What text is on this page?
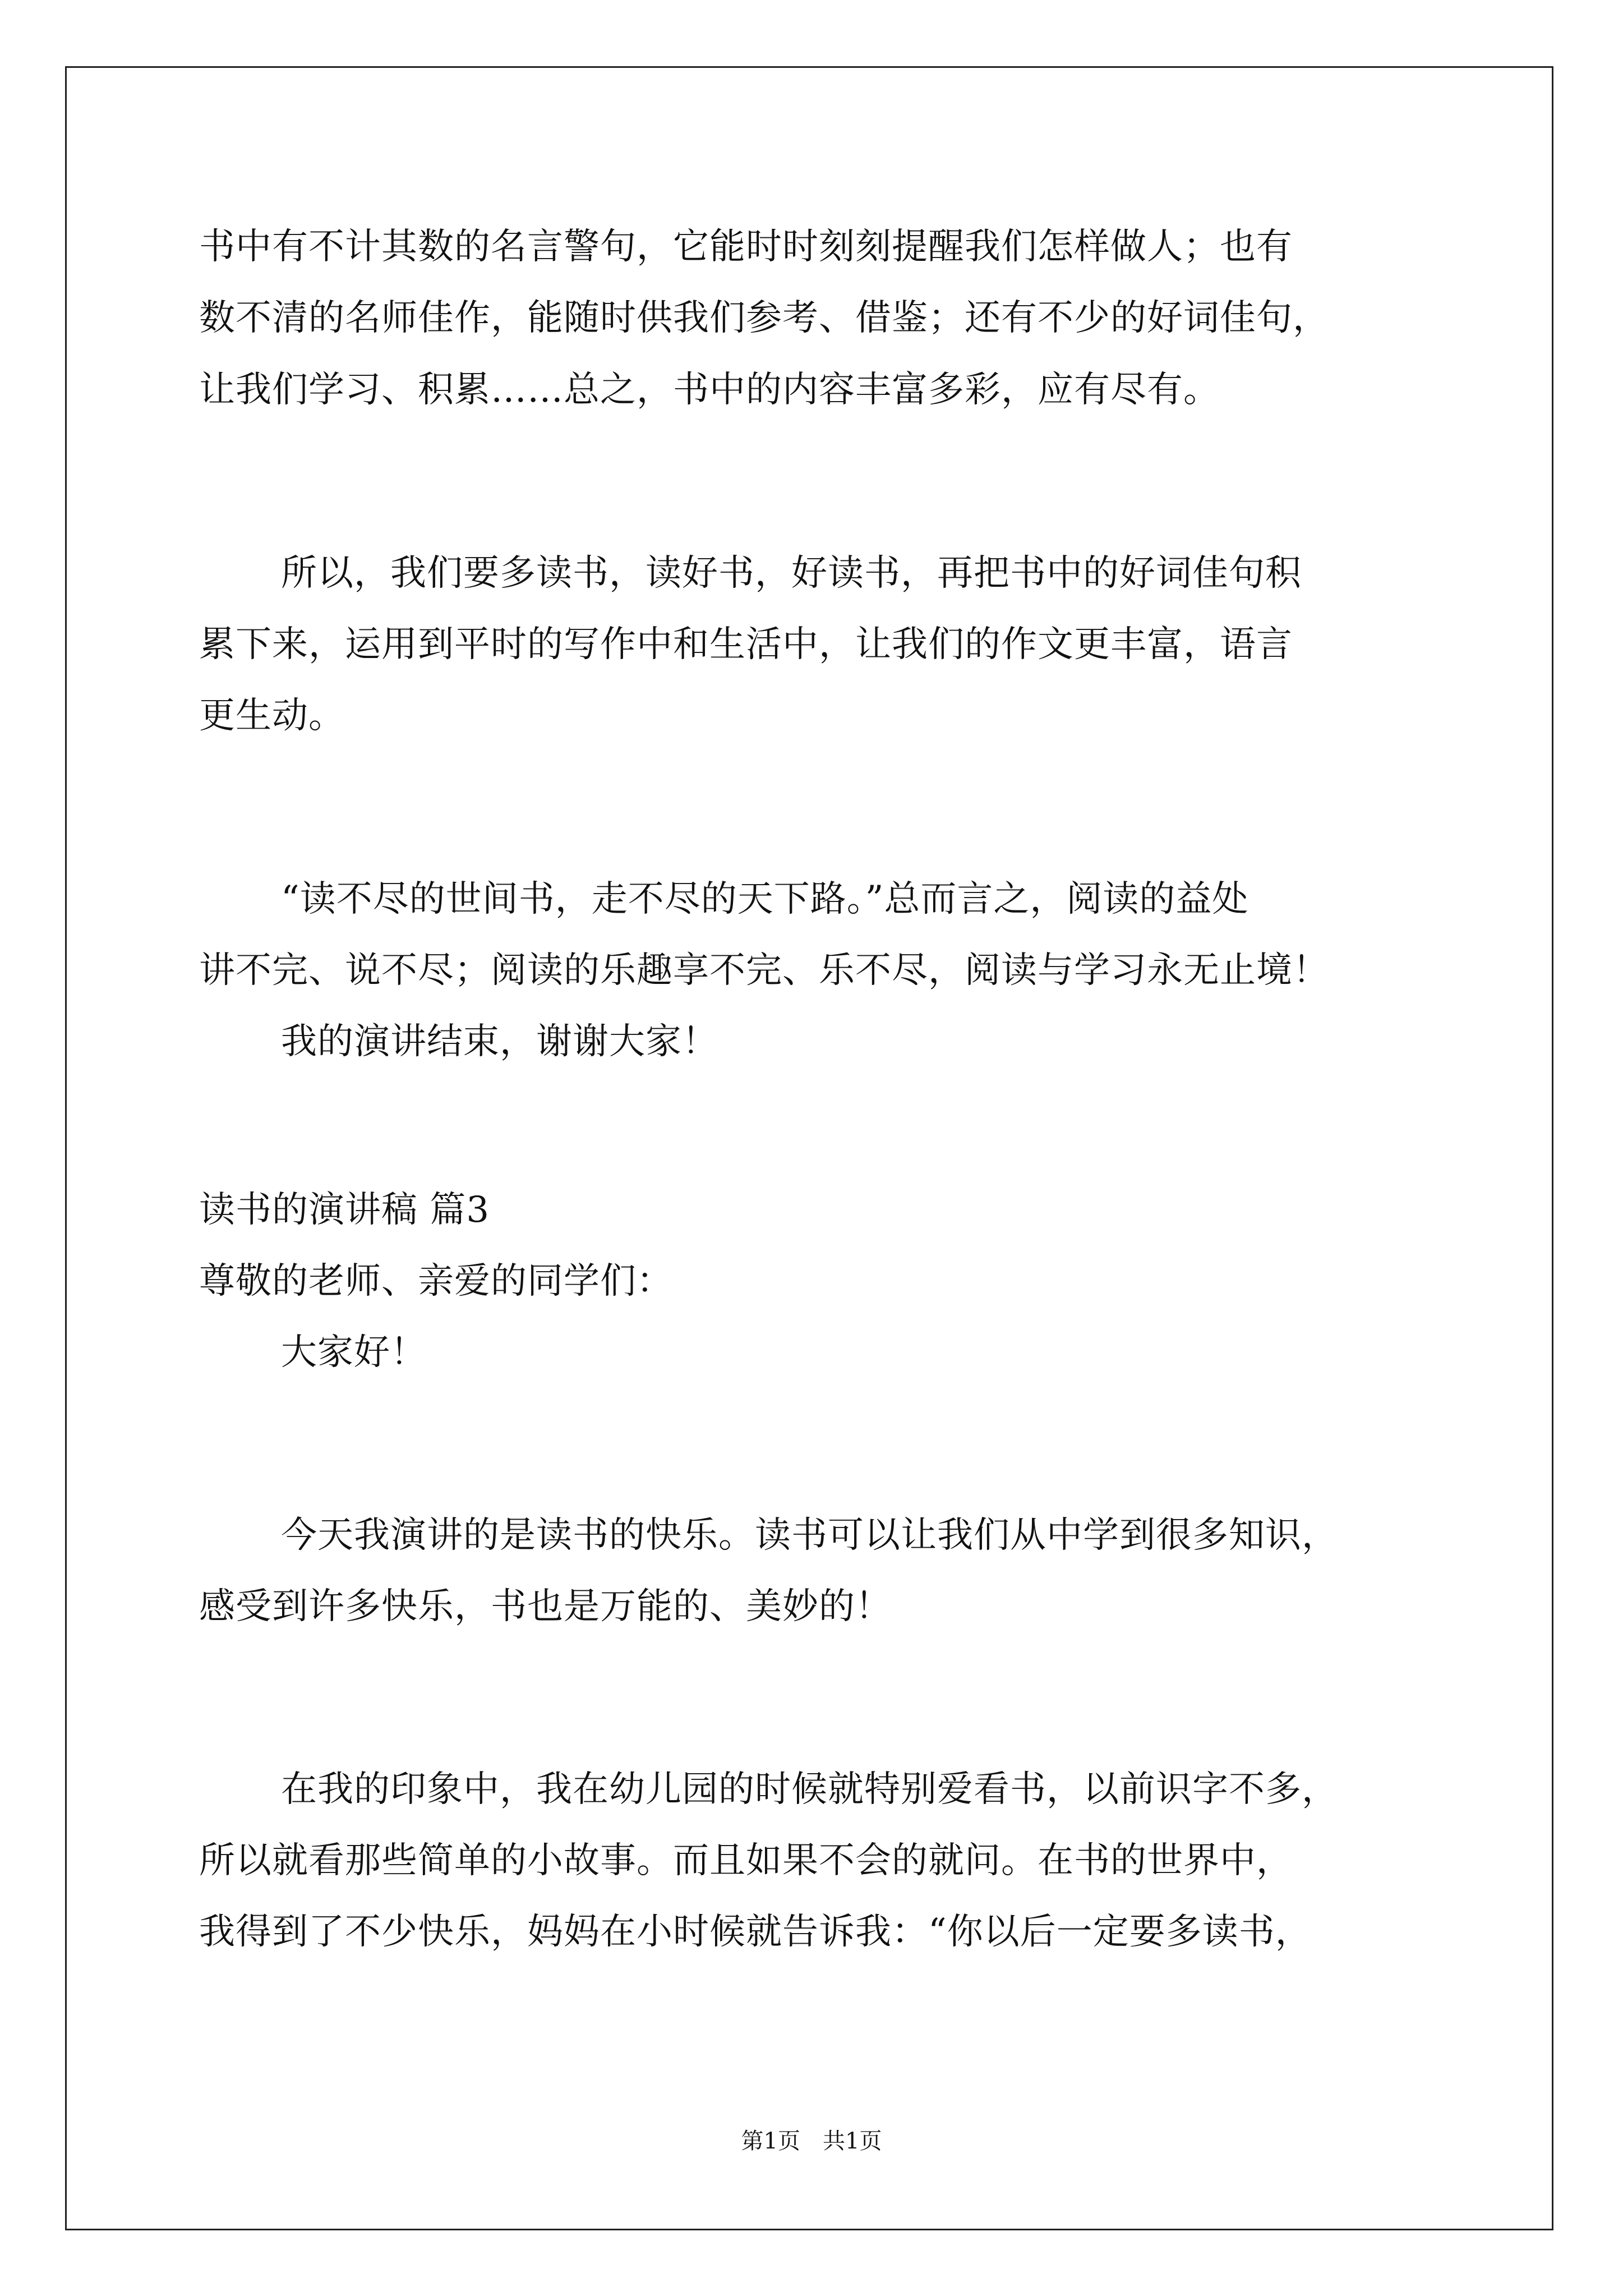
书中有不计其数的名言警句，它能时时刻刻提醒我们怎样做人；也有
数不清的名师佳作，能随时供我们参考、借鉴；还有不少的好词佳句，
让我们学习、积累……总之，书中的内容丰富多彩，应有尽有。
所以，我们要多读书，读好书，好读书，再把书中的好词佳句积
累下来，运用到平时的写作中和生活中，让我们的作文更丰富，语言
更生动。
“读不尽的世间书，走不尽的天下路。”总而言之，阅读的益处
讲不完、说不尽；阅读的乐趣享不完、乐不尽，阅读与学习永无止境！
我的演讲结束，谢谢大家！
读书的演讲稿 篇3
尊敬的老师、亲爱的同学们：
大家好！
今天我演讲的是读书的快乐。读书可以让我们从中学到很多知识，
感受到许多快乐，书也是万能的、美妙的！
在我的印象中，我在幼儿园的时候就特别爱看书，以前识字不多，
所以就看那些简单的小故事。而且如果不会的就问。在书的世界中，
我得到了不少快乐，妈妈在小时候就告诉我：“你以后一定要多读书，
第1页　共1页
